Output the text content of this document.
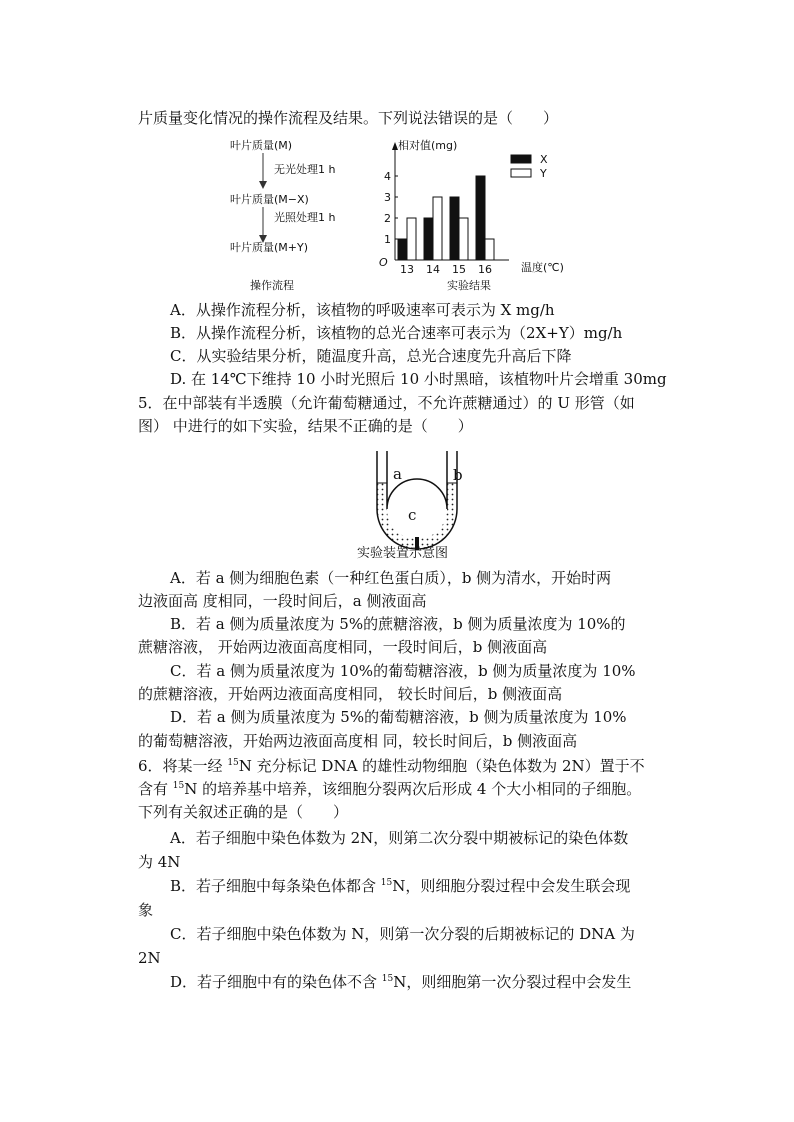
片质量变化情况的操作流程及结果。下列说法错误的是（　　）
叶片质量(M)
无光处理1 h
叶片质量(M−X)
光照处理1 h
叶片质量(M+Y)
操作流程
相对值(mg)
温度(℃)
O
实验结果
1
2
3
4
13 14 15 16
X
Y
A．从操作流程分析，该植物的呼吸速率可表示为 X mg/h
B．从操作流程分析，该植物的总光合速率可表示为（2X+Y）mg/h
C．从实验结果分析，随温度升高，总光合速度先升高后下降
D. 在 14℃下维持 10 小时光照后 10 小时黑暗，该植物叶片会增重 30mg
5．在中部装有半透膜（允许葡萄糖通过，不允许蔗糖通过）的 U 形管（如
图） 中进行的如下实验，结果不正确的是（　　）
a	b
c
实验装置示意图
A．若 a 侧为细胞色素（一种红色蛋白质），b 侧为清水，开始时两
边液面高 度相同，一段时间后，a 侧液面高
B．若 a 侧为质量浓度为 5%的蔗糖溶液，b 侧为质量浓度为 10%的
蔗糖溶液， 开始两边液面高度相同，一段时间后，b 侧液面高
C．若 a 侧为质量浓度为 10%的葡萄糖溶液，b 侧为质量浓度为 10%
的蔗糖溶液，开始两边液面高度相同， 较长时间后，b 侧液面高
D．若 a 侧为质量浓度为 5%的葡萄糖溶液，b 侧为质量浓度为 10%
的葡萄糖溶液，开始两边液面高度相 同，较长时间后，b 侧液面高
6．将某一经 $^{15}$N 充分标记 DNA 的雄性动物细胞（染色体数为 2N）置于不
含有 $^{15}$N 的培养基中培养，该细胞分裂两次后形成 4 个大小相同的子细胞。
下列有关叙述正确的是（　　）
A．若子细胞中染色体数为 2N，则第二次分裂中期被标记的染色体数
为 4N
B．若子细胞中每条染色体都含 $^{15}$N，则细胞分裂过程中会发生联会现
象
C．若子细胞中染色体数为 N，则第一次分裂的后期被标记的 DNA 为
2N
D．若子细胞中有的染色体不含 $^{15}$N，则细胞第一次分裂过程中会发生
